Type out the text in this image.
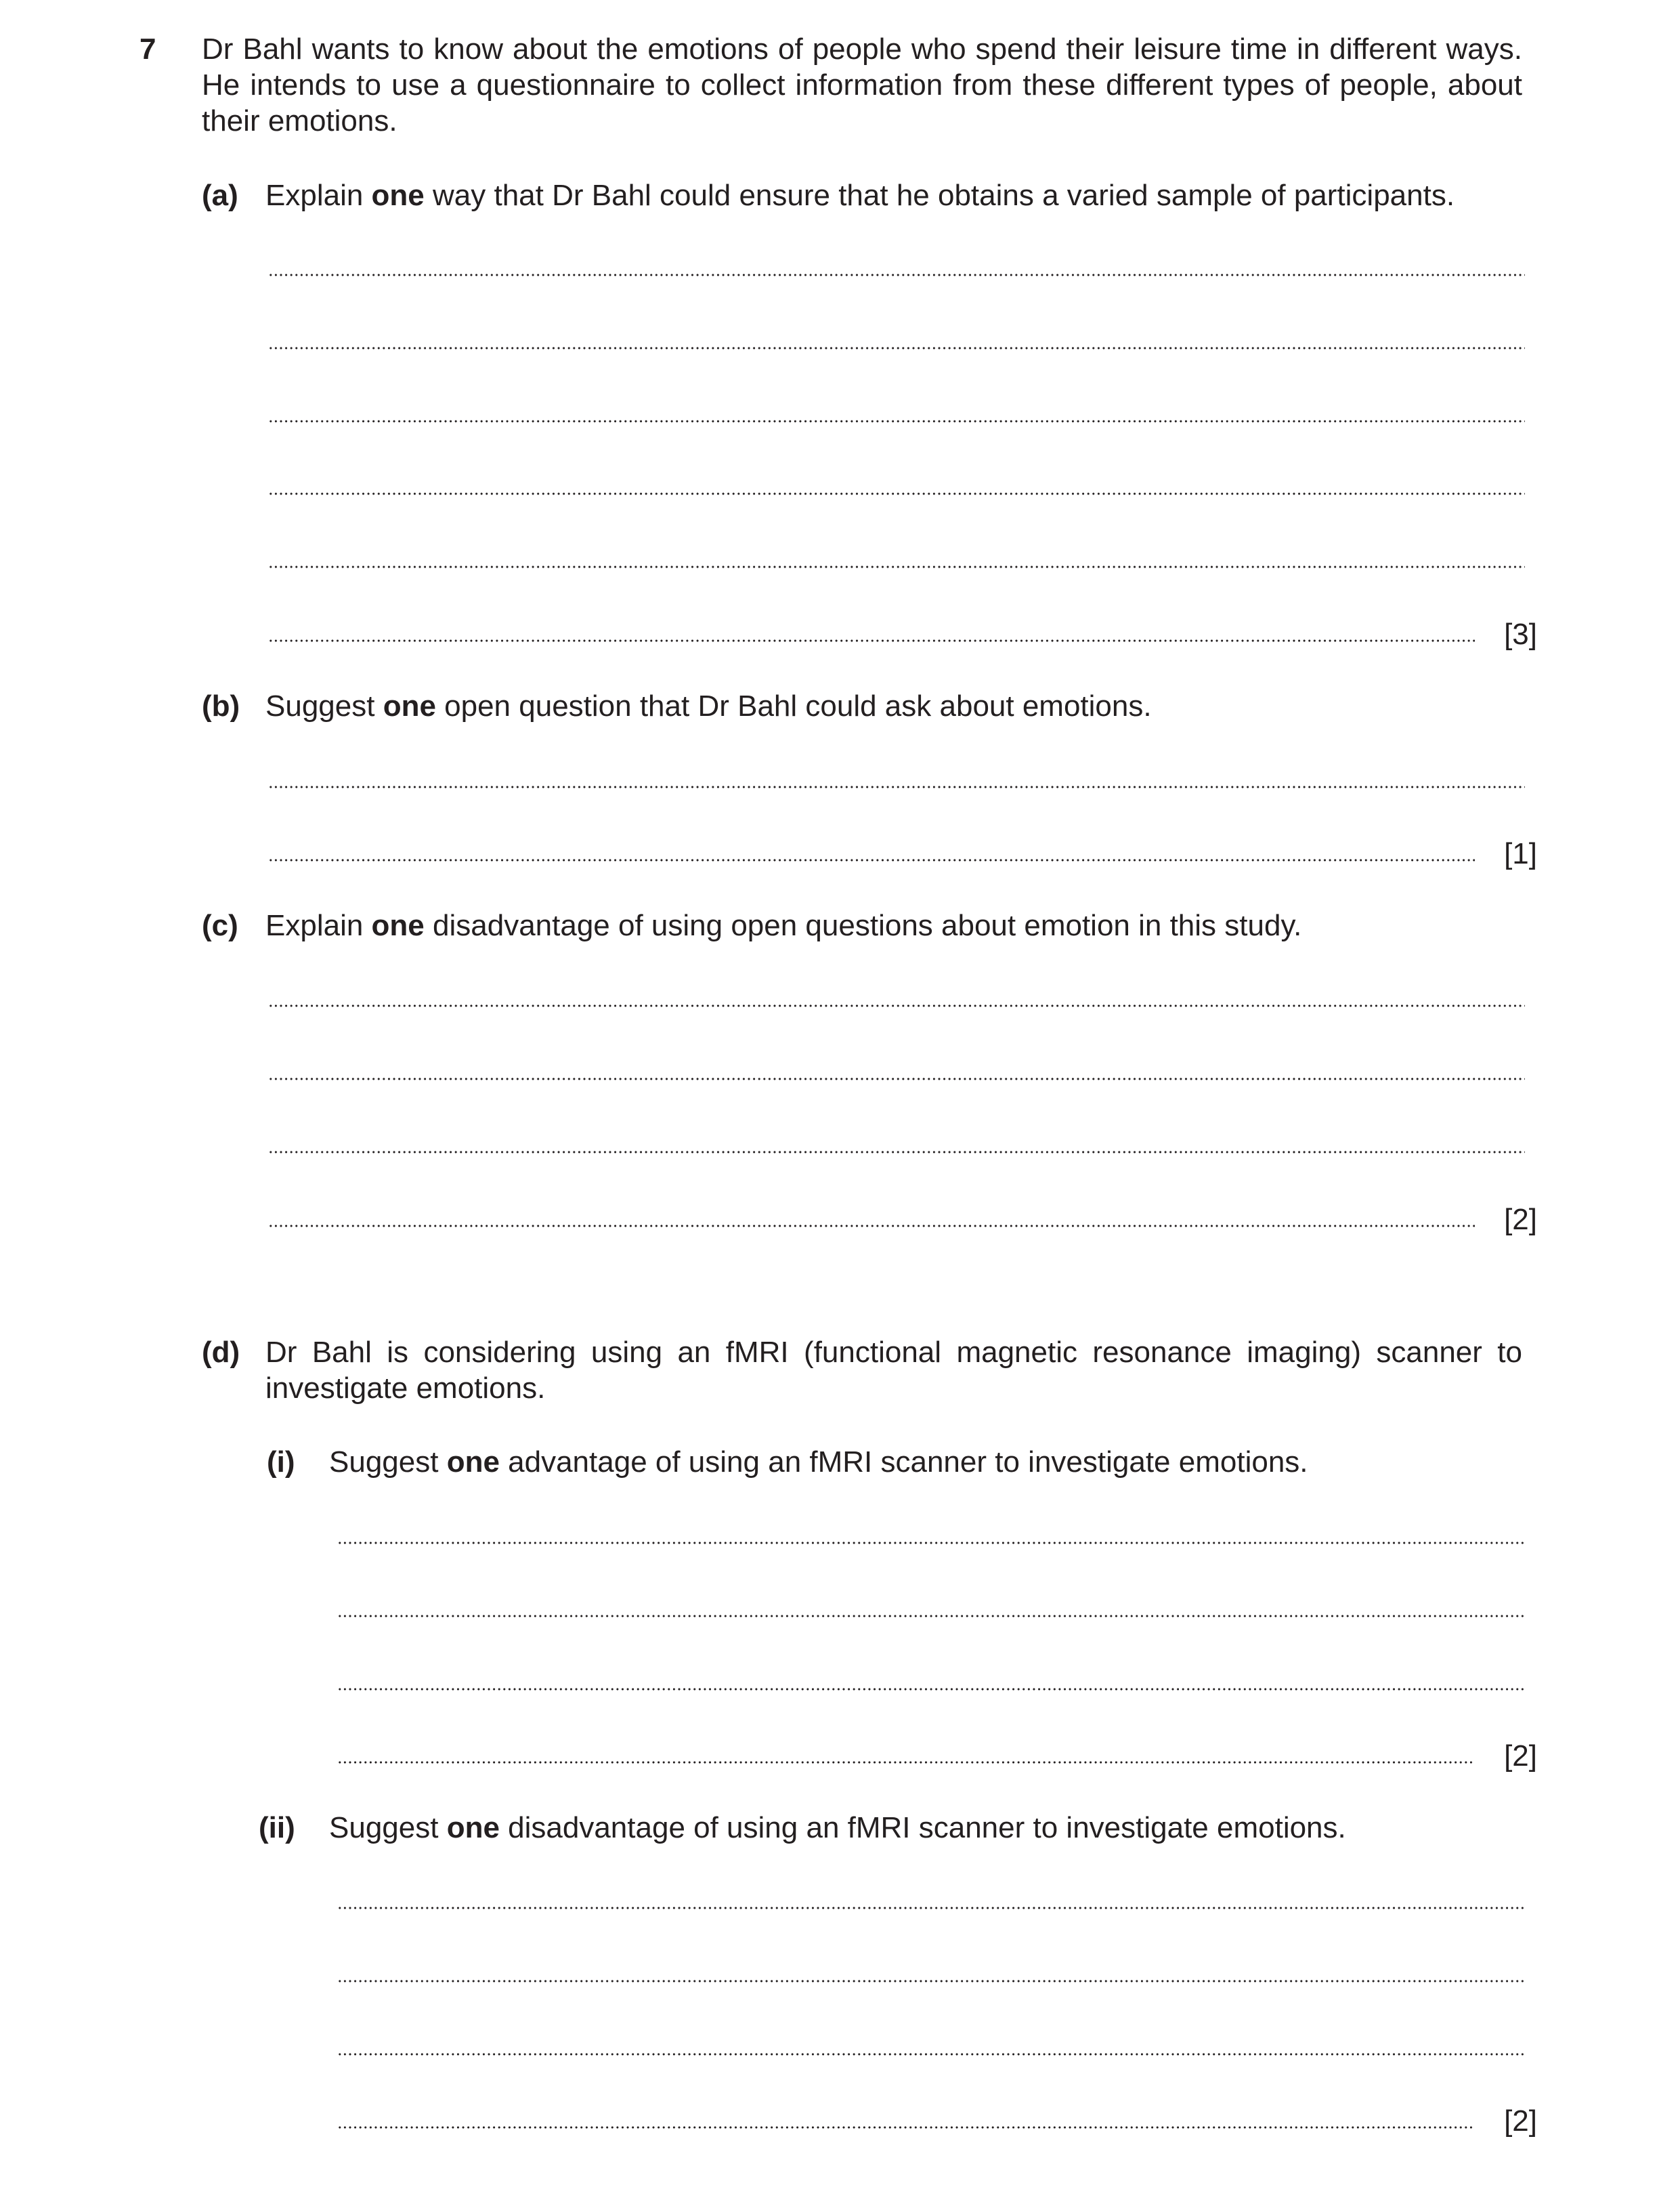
7 Dr Bahl wants to know about the emotions of people who spend their leisure time in different ways. He intends to use a questionnaire to collect information from these different types of people, about their emotions.
(a) Explain one way that Dr Bahl could ensure that he obtains a varied sample of participants.
[3]
(b) Suggest one open question that Dr Bahl could ask about emotions.
[1]
(c) Explain one disadvantage of using open questions about emotion in this study.
[2]
(d) Dr Bahl is considering using an fMRI (functional magnetic resonance imaging) scanner to investigate emotions.
(i) Suggest one advantage of using an fMRI scanner to investigate emotions.
[2]
(ii) Suggest one disadvantage of using an fMRI scanner to investigate emotions.
[2]
